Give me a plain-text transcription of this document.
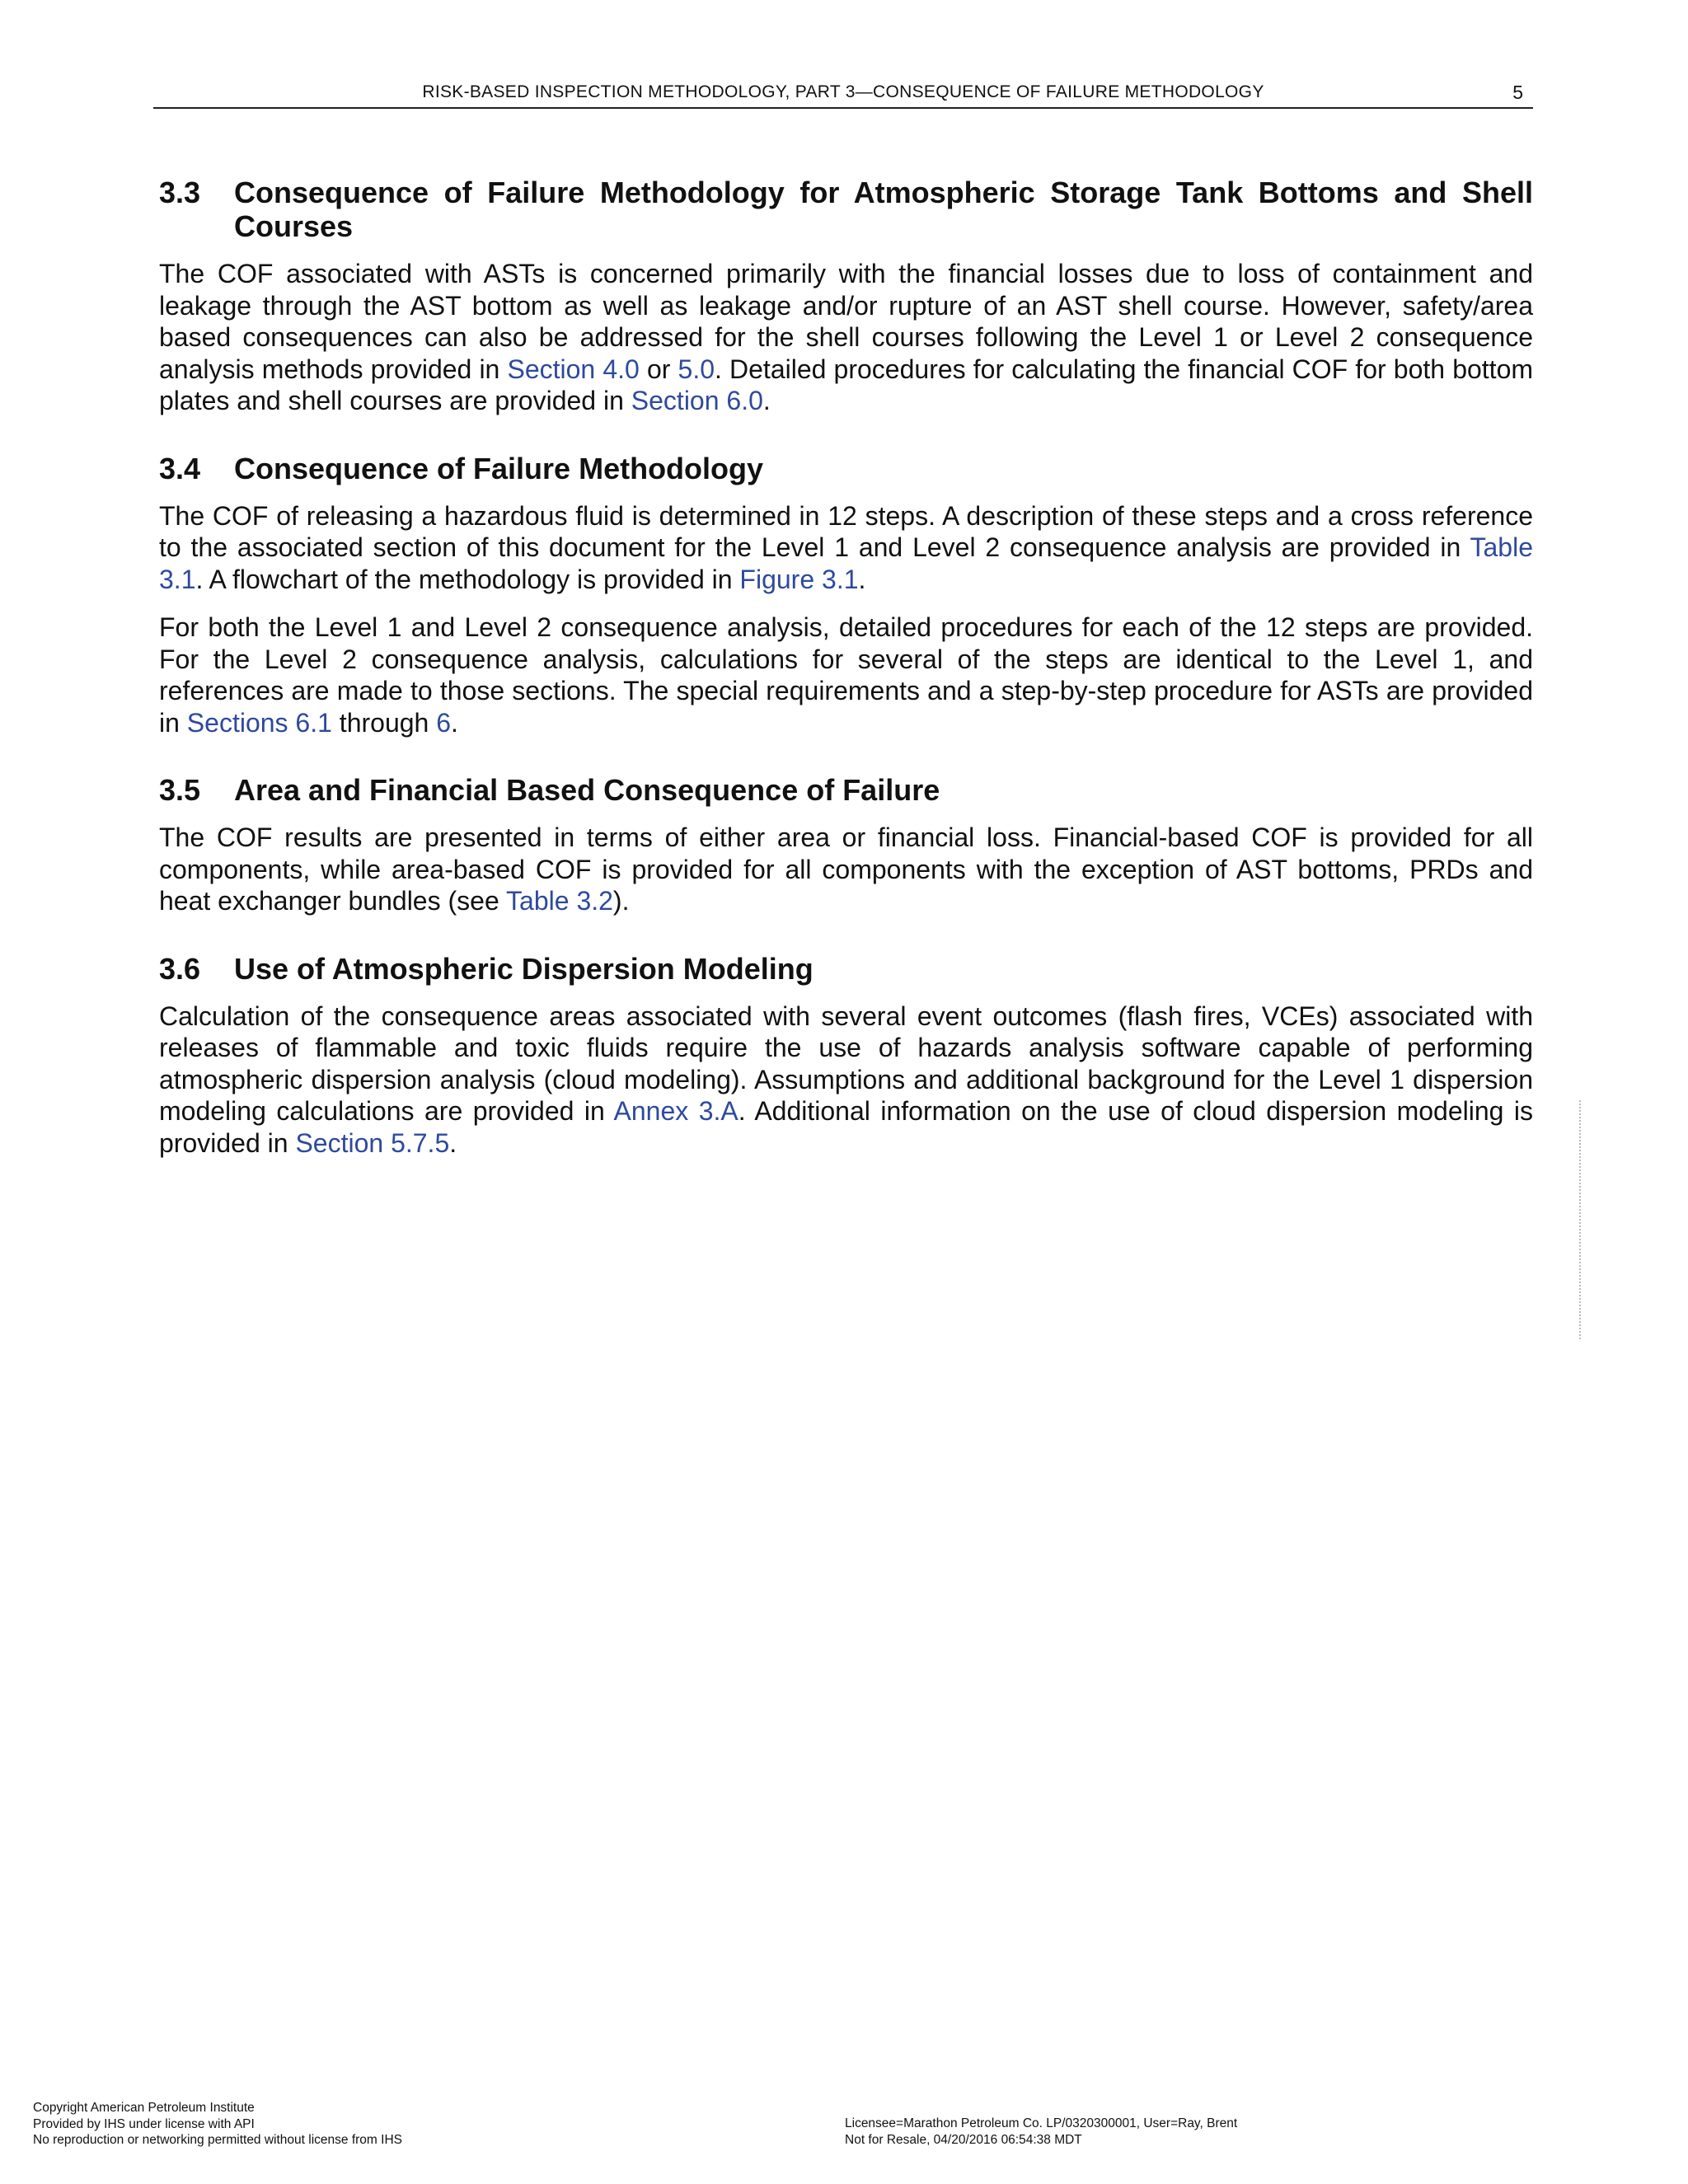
RISK-BASED INSPECTION METHODOLOGY, PART 3—CONSEQUENCE OF FAILURE METHODOLOGY	5
3.3	Consequence of Failure Methodology for Atmospheric Storage Tank Bottoms and Shell Courses

The COF associated with ASTs is concerned primarily with the financial losses due to loss of containment and leakage through the AST bottom as well as leakage and/or rupture of an AST shell course. However, safety/area based consequences can also be addressed for the shell courses following the Level 1 or Level 2 consequence analysis methods provided in Section 4.0 or 5.0. Detailed procedures for calculating the financial COF for both bottom plates and shell courses are provided in Section 6.0.

3.4	Consequence of Failure Methodology

The COF of releasing a hazardous fluid is determined in 12 steps. A description of these steps and a cross reference to the associated section of this document for the Level 1 and Level 2 consequence analysis are provided in Table 3.1. A flowchart of the methodology is provided in Figure 3.1.

For both the Level 1 and Level 2 consequence analysis, detailed procedures for each of the 12 steps are provided. For the Level 2 consequence analysis, calculations for several of the steps are identical to the Level 1, and references are made to those sections. The special requirements and a step-by-step procedure for ASTs are provided in Sections 6.1 through 6.

3.5	Area and Financial Based Consequence of Failure

The COF results are presented in terms of either area or financial loss. Financial-based COF is provided for all components, while area-based COF is provided for all components with the exception of AST bottoms, PRDs and heat exchanger bundles (see Table 3.2).

3.6	Use of Atmospheric Dispersion Modeling

Calculation of the consequence areas associated with several event outcomes (flash fires, VCEs) associated with releases of flammable and toxic fluids require the use of hazards analysis software capable of performing atmospheric dispersion analysis (cloud modeling). Assumptions and additional background for the Level 1 dispersion modeling calculations are provided in Annex 3.A. Additional information on the use of cloud dispersion modeling is provided in Section 5.7.5.

Copyright American Petroleum Institute
Provided by IHS under license with API
No reproduction or networking permitted without license from IHS
Licensee=Marathon Petroleum Co. LP/0320300001, User=Ray, Brent
Not for Resale, 04/20/2016 06:54:38 MDT
